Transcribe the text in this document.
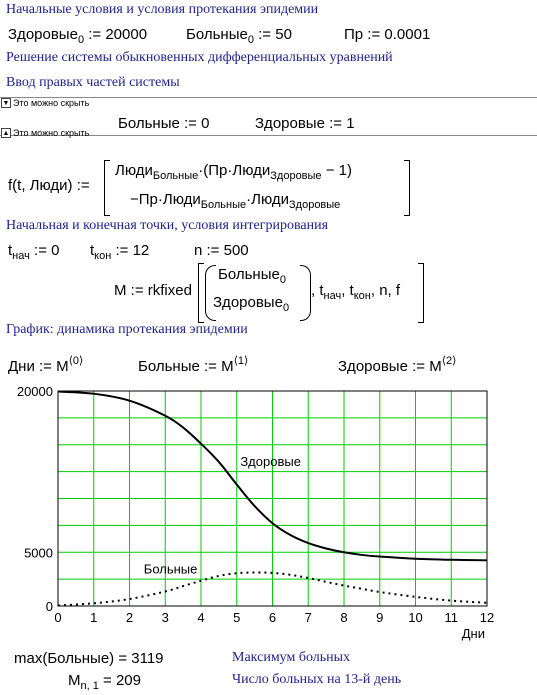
Начальные условия и условия протекания эпидемии
Здоровые$_0$ := 20000	Больные$_0$ := 50	Пр := 0.0001
Решение системы обыкновенных дифференциальных уравнений
Ввод правых частей системы
▼ Это можно скрыть
Больные := 0	Здоровые := 1
▲ Это можно скрыть
f(t, Люди) :=
Люди$_{Больные}$·(Пр·Люди$_{Здоровые}$ − 1)
−Пр·Люди$_{Больные}$·Люди$_{Здоровые}$
Начальная и конечная точки, условия интегрирования
$t_{нач}$ := 0 $t_{кон}$ := 12	n := 500
M := rkfixed
Больные$_0$
Здоровые$_0$
, $t_{нач}$, $t_{кон}$, n, f
График: динамика протекания эпидемии
Дни := $M^{⟨0⟩}$	Больные := $M^{⟨1⟩}$	Здоровые := $M^{⟨2⟩}$
20000
5000
0
0 1 2 3 4 5 6 7 8 9 10 11 12
Здоровые
Больные
Дни
max(Больные) = 3119	Максимум больных
$M_{n, 1} = 209$	Число больных на 13-й день
